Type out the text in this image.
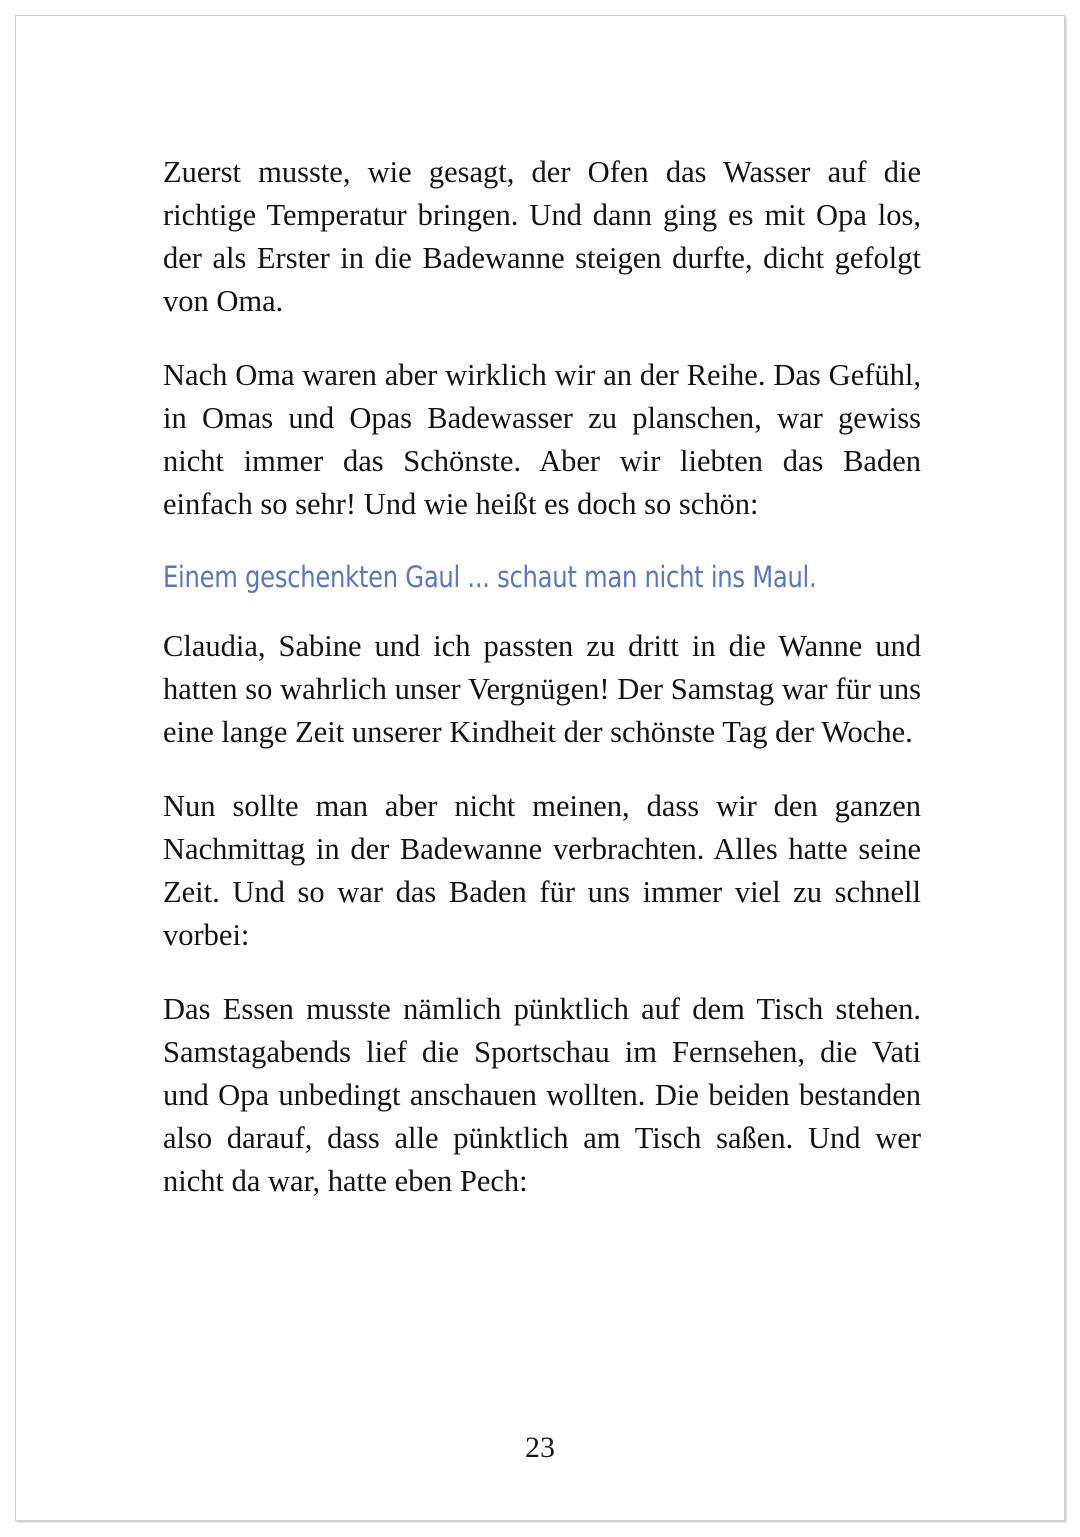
Zuerst musste, wie gesagt, der Ofen das Wasser auf die richtige Temperatur bringen. Und dann ging es mit Opa los, der als Erster in die Badewanne steigen durfte, dicht gefolgt von Oma.

Nach Oma waren aber wirklich wir an der Reihe. Das Gefühl, in Omas und Opas Badewasser zu planschen, war gewiss nicht immer das Schönste. Aber wir liebten das Baden einfach so sehr! Und wie heißt es doch so schön:

Einem geschenkten Gaul ... schaut man nicht ins Maul.

Claudia, Sabine und ich passten zu dritt in die Wanne und hatten so wahrlich unser Vergnügen! Der Samstag war für uns eine lange Zeit unserer Kindheit der schönste Tag der Woche.

Nun sollte man aber nicht meinen, dass wir den ganzen Nachmittag in der Badewanne verbrachten. Alles hatte seine Zeit. Und so war das Baden für uns immer viel zu schnell vorbei:

Das Essen musste nämlich pünktlich auf dem Tisch stehen. Samstagabends lief die Sportschau im Fernsehen, die Vati und Opa unbedingt anschauen wollten. Die beiden bestanden also darauf, dass alle pünktlich am Tisch saßen. Und wer nicht da war, hatte eben Pech:

23
